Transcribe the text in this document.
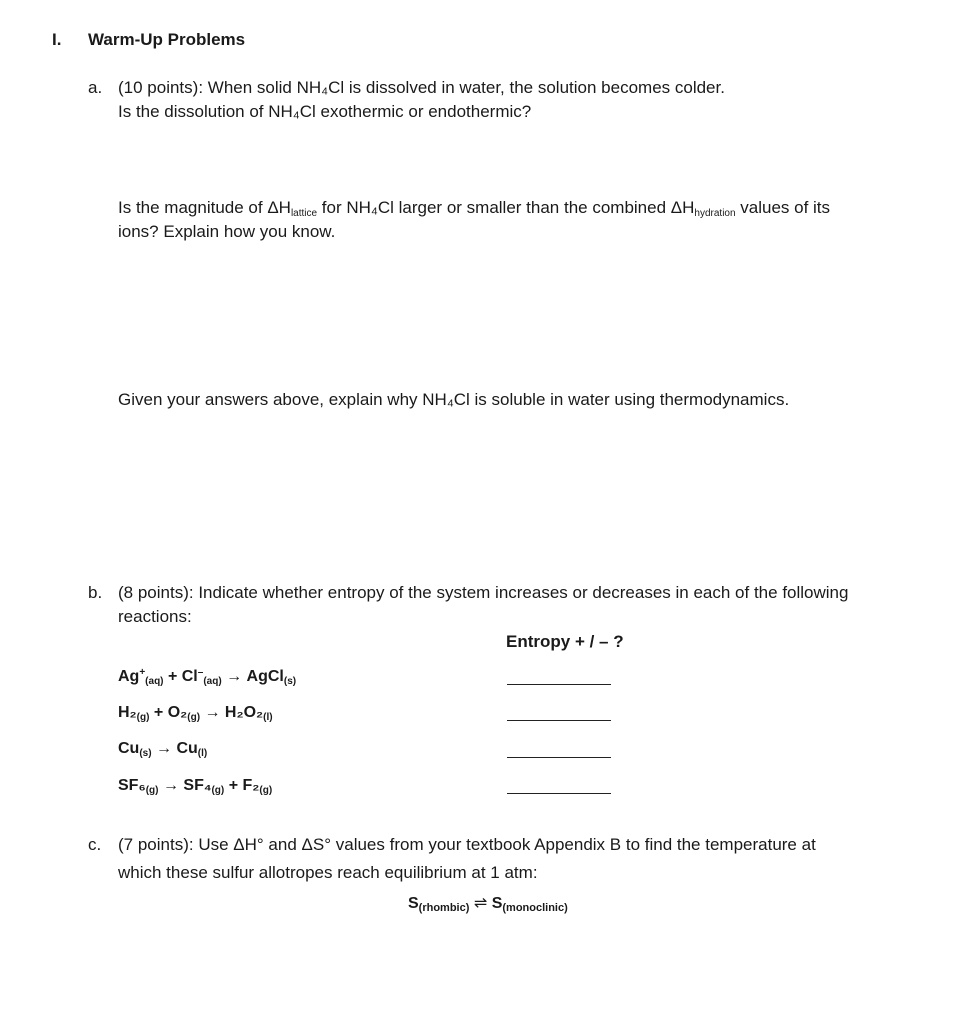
I. Warm-Up Problems
a. (10 points): When solid NH₄Cl is dissolved in water, the solution becomes colder.
Is the dissolution of NH₄Cl exothermic or endothermic?
Is the magnitude of $\Delta H_{lattice}$ for NH₄Cl larger or smaller than the combined $\Delta H_{hydration}$ values of its
ions? Explain how you know.
Given your answers above, explain why NH₄Cl is soluble in water using thermodynamics.
b. (8 points): Indicate whether entropy of the system increases or decreases in each of the following
reactions:
Entropy + / – ?
$Ag^+_{(aq)} + Cl^-_{(aq)}$ → AgCl$_{(s)}$
$H_2_{(g)} + O_2_{(g)} \to H_2O_2_{(l)}$
$Cu_{(s)} \to Cu_{(l)}$
$SF_6_{(g)} \to SF_4_{(g)} + F_2_{(g)}$
c. (7 points): Use ΔH° and ΔS° values from your textbook Appendix B to find the temperature at
which these sulfur allotropes reach equilibrium at 1 atm:
$S_{(rhombic)}$ ⇌ $S_{(monoclinic)}$
